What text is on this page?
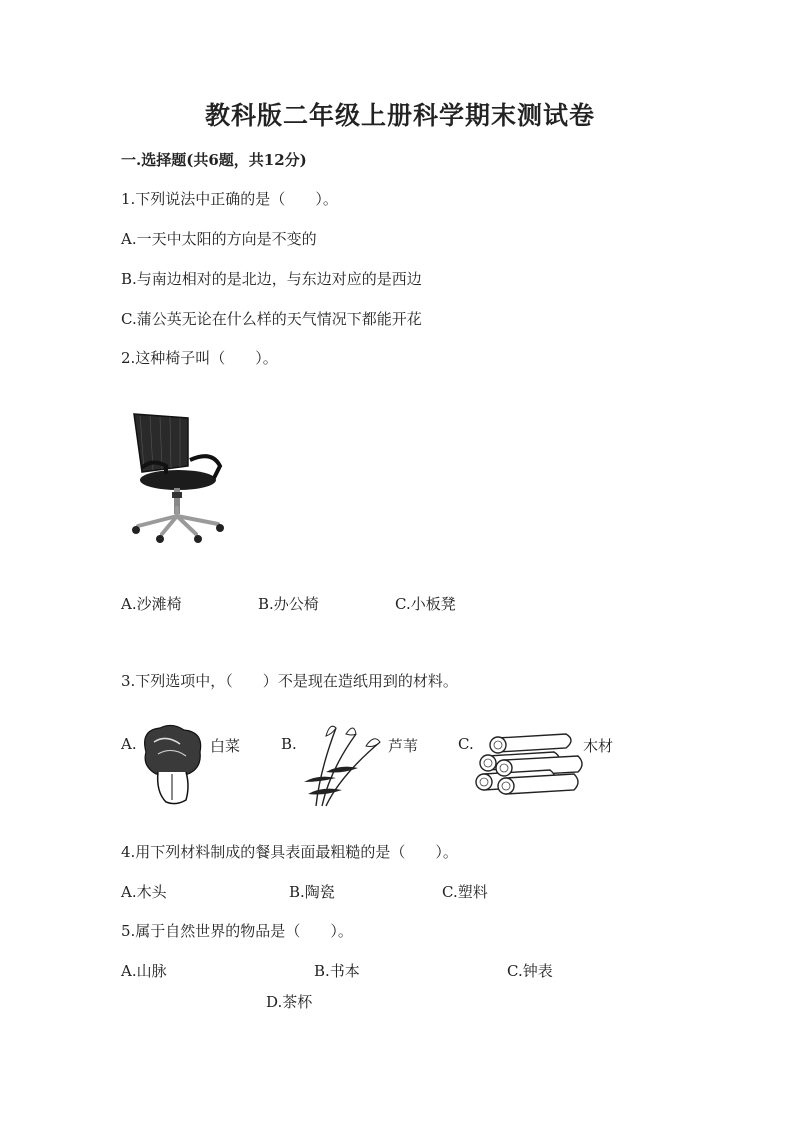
教科版二年级上册科学期末测试卷
一.选择题(共6题，共12分)
1.下列说法中正确的是（　　）。
A.一天中太阳的方向是不变的
B.与南边相对的是北边，与东边对应的是西边
C.蒲公英无论在什么样的天气情况下都能开花
2.这种椅子叫（　　）。
A.沙滩椅	B.办公椅	C.小板凳
3.下列选项中，（　　）不是现在造纸用到的材料。
A.	白菜	B.	芦苇	C.	木材
4.用下列材料制成的餐具表面最粗糙的是（　　）。
A.木头	B.陶瓷	C.塑料
5.属于自然世界的物品是（　　）。
A.山脉	B.书本	C.钟表
D.茶杯
